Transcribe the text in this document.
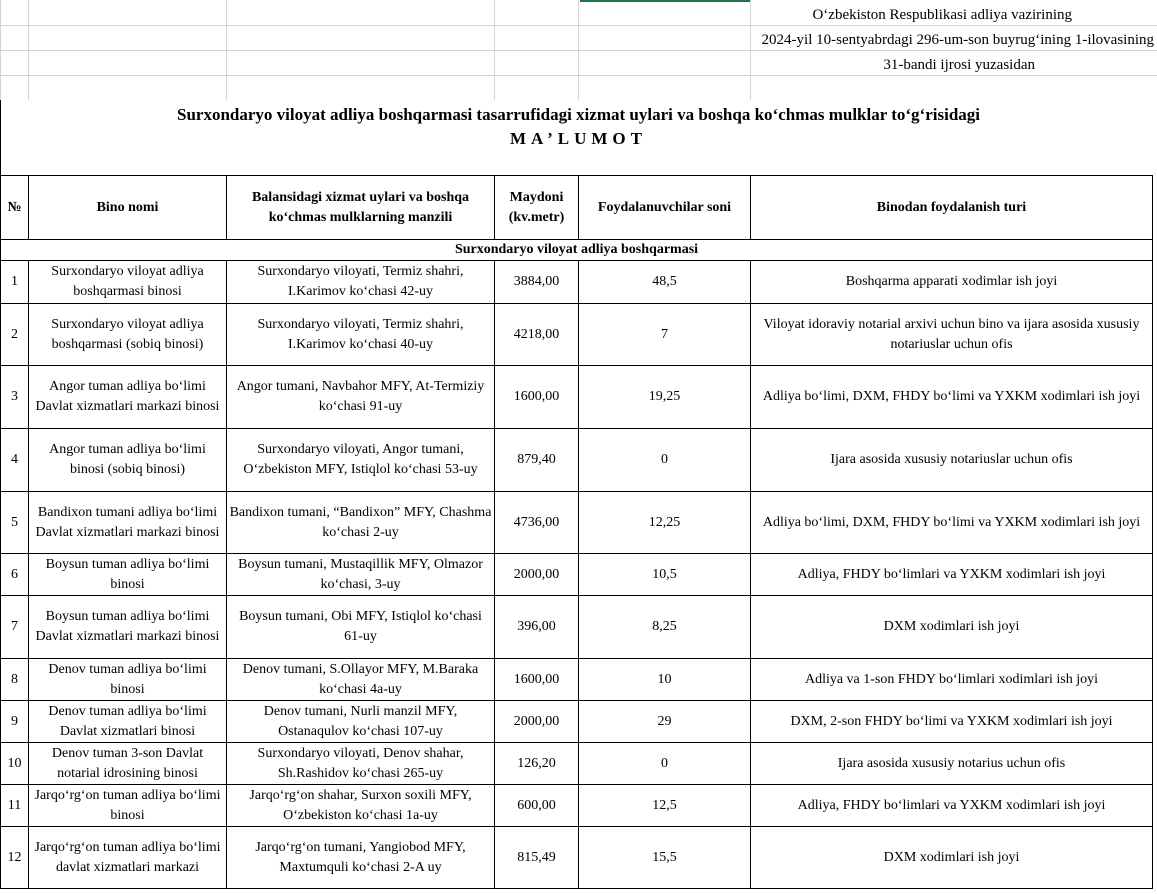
O‘zbekiston Respublikasi adliya vazirining
2024-yil 10-sentyabrdagi 296-um-son buyrug‘ining 1-ilovasining
31-bandi ijrosi yuzasidan
Surxondaryo viloyat adliya boshqarmasi tasarrufidagi xizmat uylari va boshqa ko‘chmas mulklar to‘g‘risidagi
MA’LUMOT
№	Bino nomi	Balansidagi xizmat uylari va boshqa ko‘chmas mulklarning manzili	Maydoni (kv.metr)	Foydalanuvchilar soni	Binodan foydalanish turi
Surxondaryo viloyat adliya boshqarmasi					
1	Surxondaryo viloyat adliya boshqarmasi binosi	Surxondaryo viloyati, Termiz shahri, I.Karimov ko‘chasi 42-uy	3884,00	48,5	Boshqarma apparati xodimlar ish joyi
2	Surxondaryo viloyat adliya boshqarmasi (sobiq binosi)	Surxondaryo viloyati, Termiz shahri, I.Karimov ko‘chasi 40-uy	4218,00	7	Viloyat idoraviy notarial arxivi uchun bino va ijara asosida xususiy notariuslar uchun ofis
3	Angor tuman adliya bo‘limi Davlat xizmatlari markazi binosi	Angor tumani, Navbahor MFY, At-Termiziy ko‘chasi 91-uy	1600,00	19,25	Adliya bo‘limi, DXM, FHDY bo‘limi va YXKM xodimlari ish joyi
4	Angor tuman adliya bo‘limi binosi (sobiq binosi)	Surxondaryo viloyati, Angor tumani, O‘zbekiston MFY, Istiqlol ko‘chasi 53-uy	879,40	0	Ijara asosida xususiy notariuslar uchun ofis
5	Bandixon tumani adliya bo‘limi Davlat xizmatlari markazi binosi	Bandixon tumani, “Bandixon” MFY, Chashma ko‘chasi 2-uy	4736,00	12,25	Adliya bo‘limi, DXM, FHDY bo‘limi va YXKM xodimlari ish joyi
6	Boysun tuman adliya bo‘limi binosi	Boysun tumani, Mustaqillik MFY, Olmazor ko‘chasi, 3-uy	2000,00	10,5	Adliya, FHDY bo‘limlari va YXKM xodimlari ish joyi
7	Boysun tuman adliya bo‘limi Davlat xizmatlari markazi binosi	Boysun tumani, Obi MFY, Istiqlol ko‘chasi 61-uy	396,00	8,25	DXM xodimlari ish joyi
8	Denov tuman adliya bo‘limi binosi	Denov tumani, S.Ollayor MFY, M.Baraka ko‘chasi 4a-uy	1600,00	10	Adliya va 1-son FHDY bo‘limlari xodimlari ish joyi
9	Denov tuman adliya bo‘limi Davlat xizmatlari binosi	Denov tumani, Nurli manzil MFY, Ostanaqulov ko‘chasi 107-uy	2000,00	29	DXM, 2-son FHDY bo‘limi va YXKM xodimlari ish joyi
10	Denov tuman 3-son Davlat notarial idrosining binosi	Surxondaryo viloyati, Denov shahar, Sh.Rashidov ko‘chasi 265-uy	126,20	0	Ijara asosida xususiy notarius uchun ofis
11	Jarqo‘rg‘on tuman adliya bo‘limi binosi	Jarqo‘rg‘on shahar, Surxon soxili MFY, O‘zbekiston ko‘chasi 1a-uy	600,00	12,5	Adliya, FHDY bo‘limlari va YXKM xodimlari ish joyi
12	Jarqo‘rg‘on tuman adliya bo‘limi davlat xizmatlari markazi	Jarqo‘rg‘on tumani, Yangiobod MFY, Maxtumquli ko‘chasi 2-A uy	815,49	15,5	DXM xodimlari ish joyi
